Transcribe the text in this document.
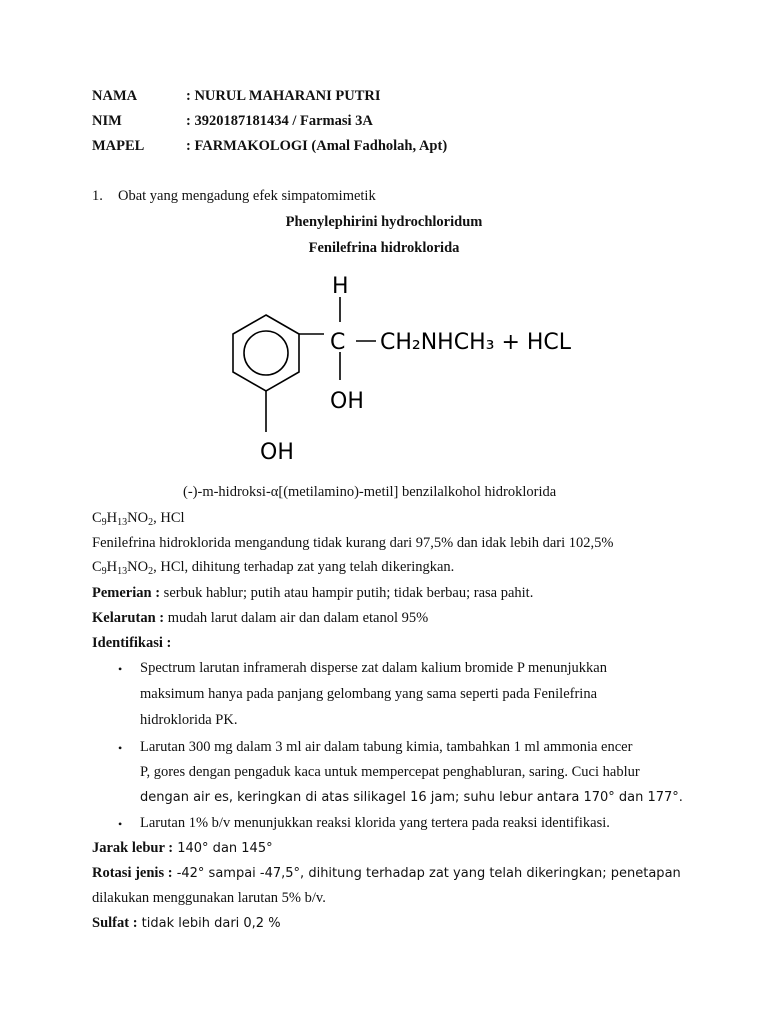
NAMA	: NURUL MAHARANI PUTRI
NIM	: 3920187181434 / Farmasi 3A
MAPEL	: FARMAKOLOGI (Amal Fadholah, Apt)
1. Obat yang mengadung efek simpatomimetik
Phenylephirini hydrochloridum
Fenilefrina hidroklorida
H
C CH₂NHCH₃ + HCL
OH
OH
(-)-m-hidroksi-α[(metilamino)-metil] benzilalkohol hidroklorida
$C_9H_{13}NO_2$, HCl
Fenilefrina hidroklorida mengandung tidak kurang dari 97,5% dan idak lebih dari 102,5%
$C_9H_{13}NO_2$, HCl, dihitung terhadap zat yang telah dikeringkan.
Pemerian : serbuk hablur; putih atau hampir putih; tidak berbau; rasa pahit.
Kelarutan : mudah larut dalam air dan dalam etanol 95%
Identifikasi :
• Spectrum larutan inframerah disperse zat dalam kalium bromide P menunjukkan
maksimum hanya pada panjang gelombang yang sama seperti pada Fenilefrina
hidroklorida PK.
• Larutan 300 mg dalam 3 ml air dalam tabung kimia, tambahkan 1 ml ammonia encer
P, gores dengan pengaduk kaca untuk mempercepat penghabluran, saring. Cuci hablur
dengan air es, keringkan di atas silikagel 16 jam; suhu lebur antara 170° dan 177°.
• Larutan 1% b/v menunjukkan reaksi klorida yang tertera pada reaksi identifikasi.
Jarak lebur : 140° dan 145°
Rotasi jenis : -42° sampai -47,5°, dihitung terhadap zat yang telah dikeringkan; penetapan
dilakukan menggunakan larutan 5% b/v.
Sulfat : tidak lebih dari 0,2 %
